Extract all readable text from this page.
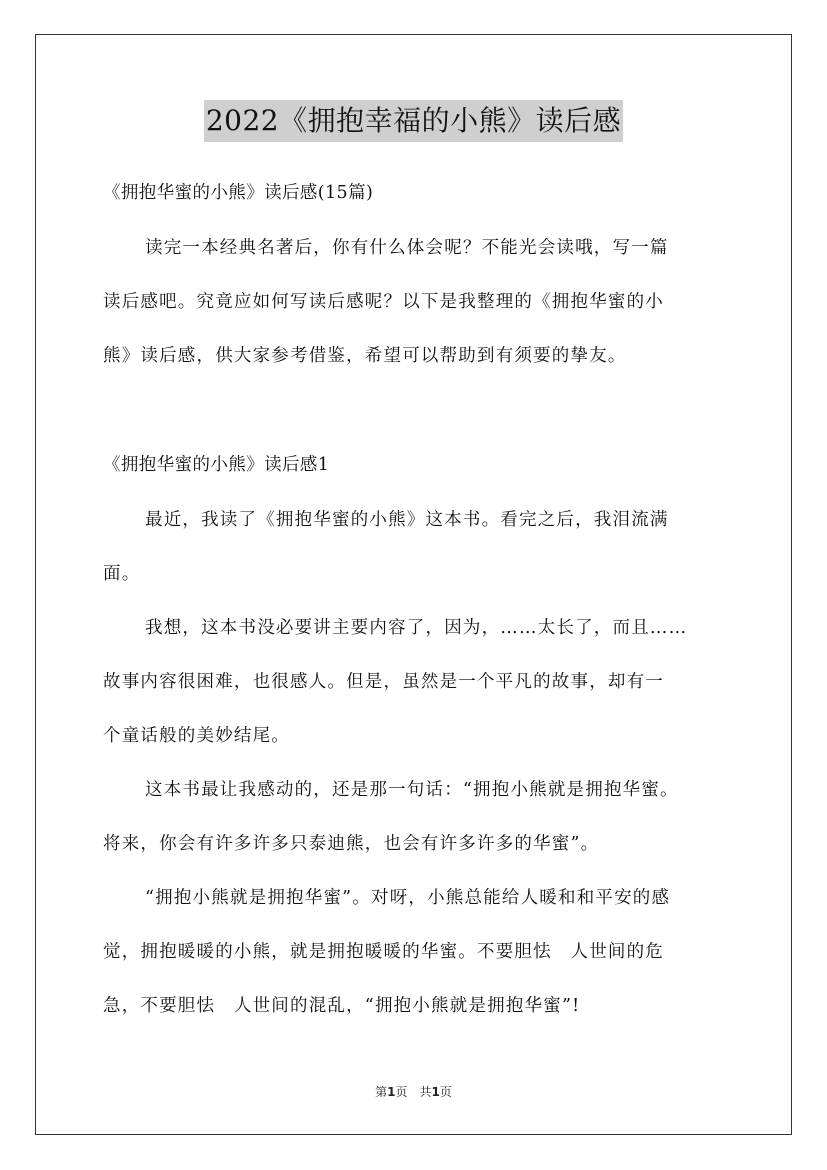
2022《拥抱幸福的小熊》读后感
《拥抱华蜜的小熊》读后感(15篇)
读完一本经典名著后，你有什么体会呢？不能光会读哦，写一篇
读后感吧。究竟应如何写读后感呢？以下是我整理的《拥抱华蜜的小
熊》读后感，供大家参考借鉴，希望可以帮助到有须要的挚友。
《拥抱华蜜的小熊》读后感1
最近，我读了《拥抱华蜜的小熊》这本书。看完之后，我泪流满
面。
我想，这本书没必要讲主要内容了，因为，……太长了，而且……
故事内容很困难，也很感人。但是，虽然是一个平凡的故事，却有一
个童话般的美妙结尾。
这本书最让我感动的，还是那一句话：“拥抱小熊就是拥抱华蜜。
将来，你会有许多许多只泰迪熊，也会有许多许多的华蜜”。
“拥抱小熊就是拥抱华蜜”。对呀，小熊总能给人暖和和平安的感
觉，拥抱暖暖的小熊，就是拥抱暖暖的华蜜。不要胆怯　人世间的危
急，不要胆怯　人世间的混乱，“拥抱小熊就是拥抱华蜜”!
第1页　共1页
